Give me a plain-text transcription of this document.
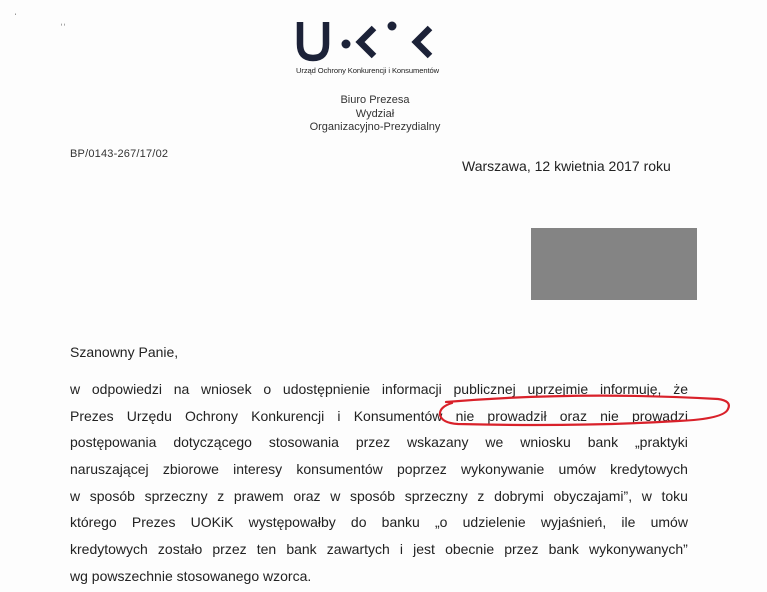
ˈ
˒˒
Urząd Ochrony Konkurencji i Konsumentów
Biuro Prezesa
Wydział
Organizacyjno-Prezydialny
BP/0143-267/17/02
Warszawa, 12 kwietnia 2017 roku
Szanowny Panie,
w odpowiedzi na wniosek o udostępnienie informacji publicznej uprzejmie informuję, że
Prezes Urzędu Ochrony Konkurencji i Konsumentów nie prowadził oraz nie prowadzi
postępowania dotyczącego stosowania przez wskazany we wniosku bank „praktyki
naruszającej zbiorowe interesy konsumentów poprzez wykonywanie umów kredytowych
w sposób sprzeczny z prawem oraz w sposób sprzeczny z dobrymi obyczajami”, w toku
którego Prezes UOKiK występowałby do banku „o udzielenie wyjaśnień, ile umów
kredytowych zostało przez ten bank zawartych i jest obecnie przez bank wykonywanych”
wg powszechnie stosowanego wzorca.
